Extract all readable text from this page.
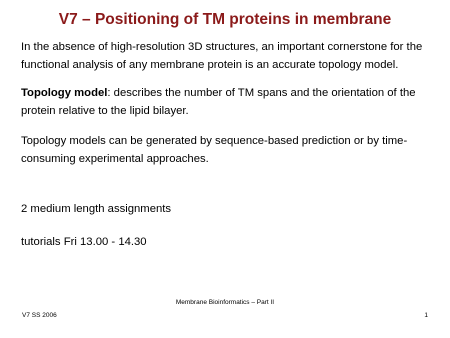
V7 – Positioning of TM proteins in membrane

In the absence of high-resolution 3D structures, an important cornerstone for the functional analysis of any membrane protein is an accurate topology model.

Topology model: describes the number of TM spans and the orientation of the protein relative to the lipid bilayer.

Topology models can be generated by sequence-based prediction or by time-consuming experimental approaches.

2 medium length assignments

tutorials Fri 13.00 - 14.30

Membrane Bioinformatics – Part II
V7 SS 2006	1
